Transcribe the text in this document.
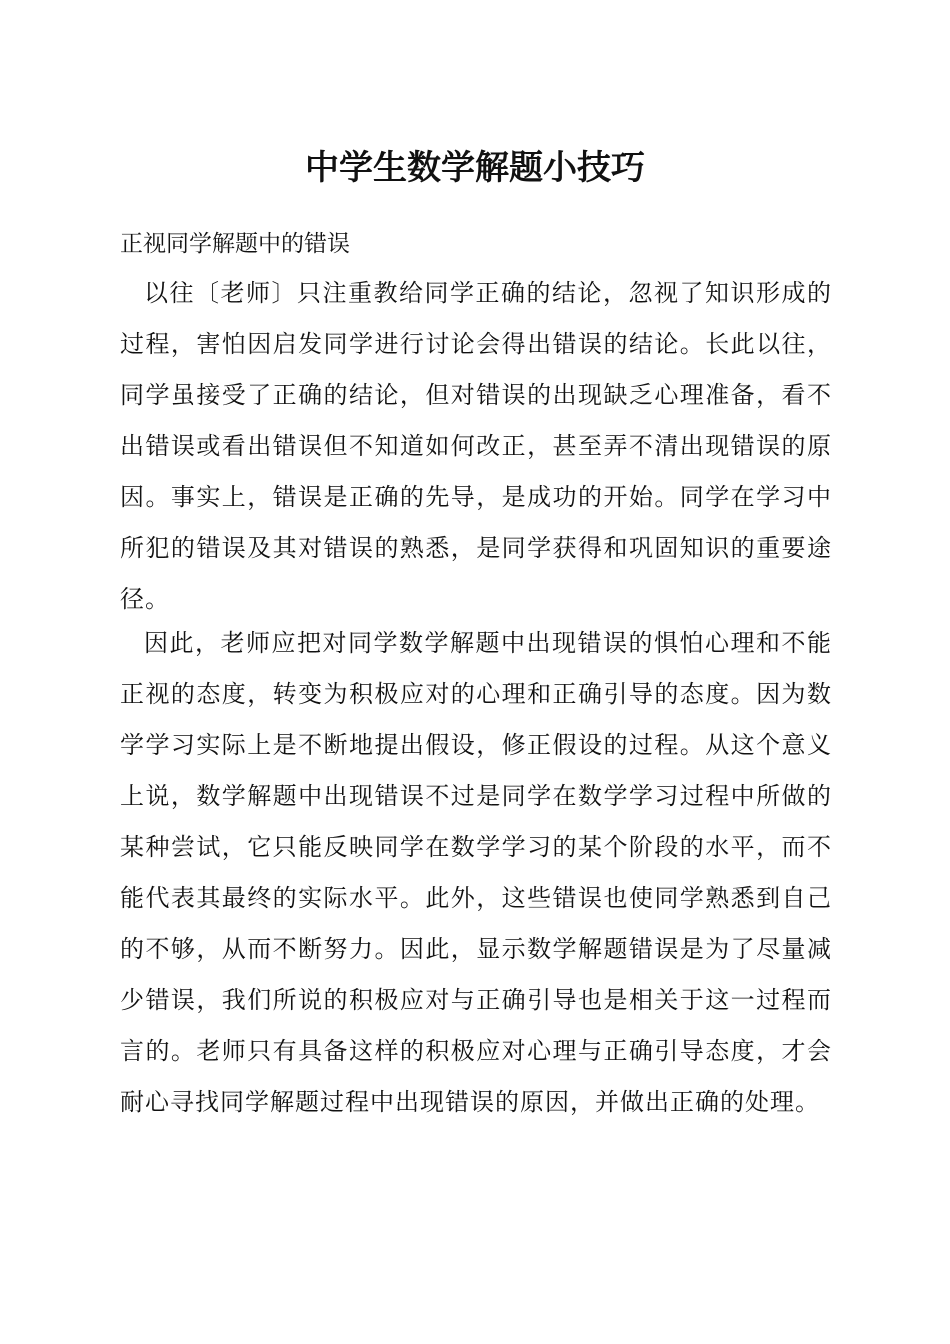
中学生数学解题小技巧

正视同学解题中的错误

以往〔老师〕只注重教给同学正确的结论，忽视了知识形成的过程，害怕因启发同学进行讨论会得出错误的结论。长此以往，同学虽接受了正确的结论，但对错误的出现缺乏心理准备，看不出错误或看出错误但不知道如何改正，甚至弄不清出现错误的原因。事实上，错误是正确的先导，是成功的开始。同学在学习中所犯的错误及其对错误的熟悉，是同学获得和巩固知识的重要途径。

因此，老师应把对同学数学解题中出现错误的惧怕心理和不能正视的态度，转变为积极应对的心理和正确引导的态度。因为数学学习实际上是不断地提出假设，修正假设的过程。从这个意义上说，数学解题中出现错误不过是同学在数学学习过程中所做的某种尝试，它只能反映同学在数学学习的某个阶段的水平，而不能代表其最终的实际水平。此外，这些错误也使同学熟悉到自己的不够，从而不断努力。因此，显示数学解题错误是为了尽量减少错误，我们所说的积极应对与正确引导也是相关于这一过程而言的。老师只有具备这样的积极应对心理与正确引导态度，才会耐心寻找同学解题过程中出现错误的原因，并做出正确的处理。
